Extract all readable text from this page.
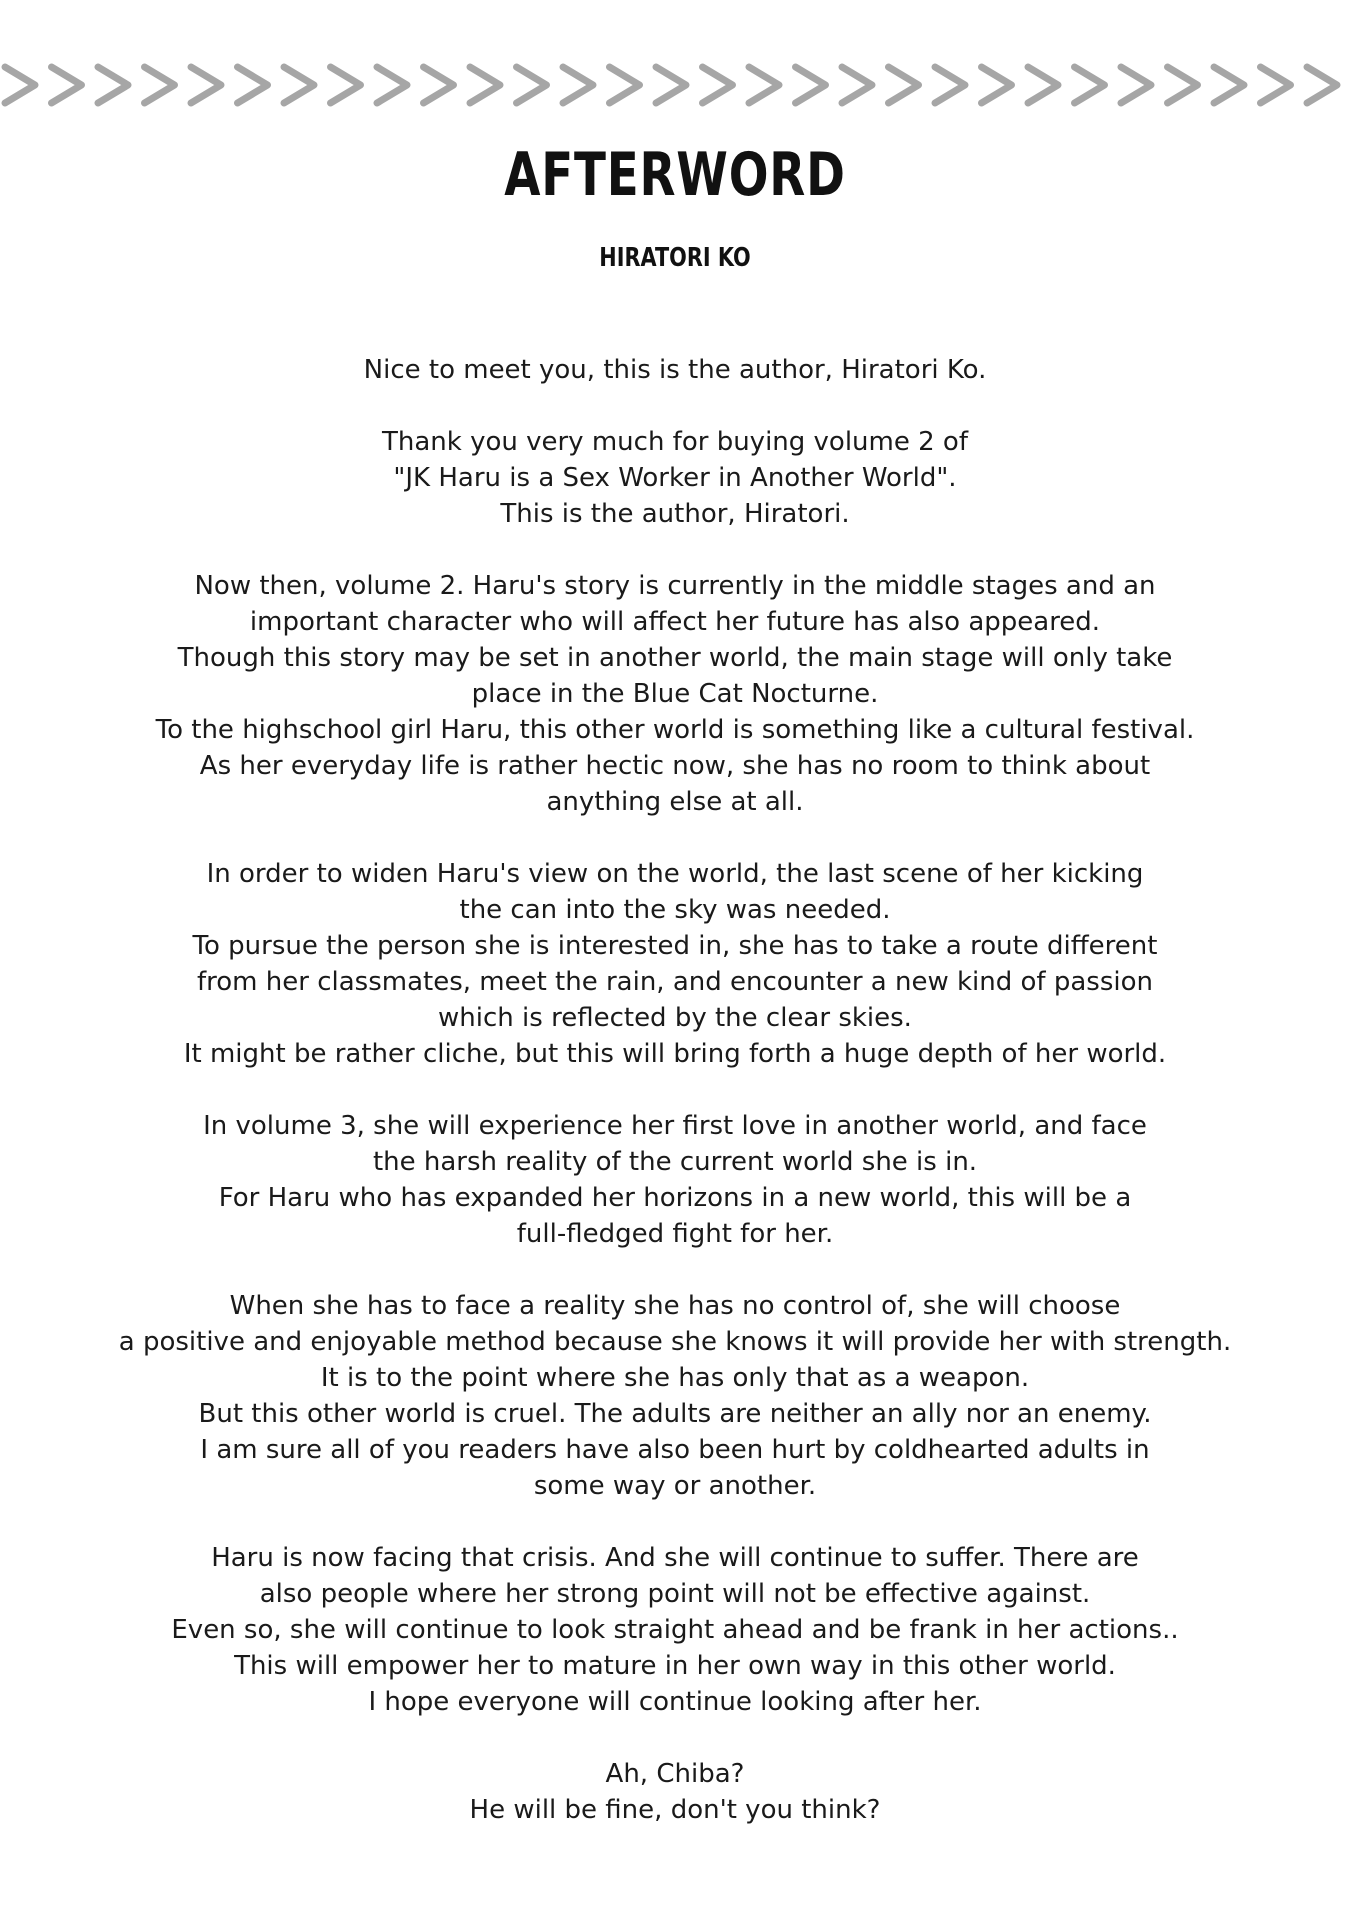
AFTERWORD
HIRATORI KO

Nice to meet you, this is the author, Hiratori Ko.

Thank you very much for buying volume 2 of
"JK Haru is a Sex Worker in Another World".
This is the author, Hiratori.

Now then, volume 2. Haru's story is currently in the middle stages and an
important character who will affect her future has also appeared.
Though this story may be set in another world, the main stage will only take
place in the Blue Cat Nocturne.
To the highschool girl Haru, this other world is something like a cultural festival.
As her everyday life is rather hectic now, she has no room to think about
anything else at all.

In order to widen Haru's view on the world, the last scene of her kicking
the can into the sky was needed.
To pursue the person she is interested in, she has to take a route different
from her classmates, meet the rain, and encounter a new kind of passion
which is reflected by the clear skies.
It might be rather cliche, but this will bring forth a huge depth of her world.

In volume 3, she will experience her first love in another world, and face
the harsh reality of the current world she is in.
For Haru who has expanded her horizons in a new world, this will be a
full-fledged fight for her.

When she has to face a reality she has no control of, she will choose
a positive and enjoyable method because she knows it will provide her with strength.
It is to the point where she has only that as a weapon.
But this other world is cruel. The adults are neither an ally nor an enemy.
I am sure all of you readers have also been hurt by coldhearted adults in
some way or another.

Haru is now facing that crisis. And she will continue to suffer. There are
also people where her strong point will not be effective against.
Even so, she will continue to look straight ahead and be frank in her actions..
This will empower her to mature in her own way in this other world.
I hope everyone will continue looking after her.

Ah, Chiba?
He will be fine, don't you think?
